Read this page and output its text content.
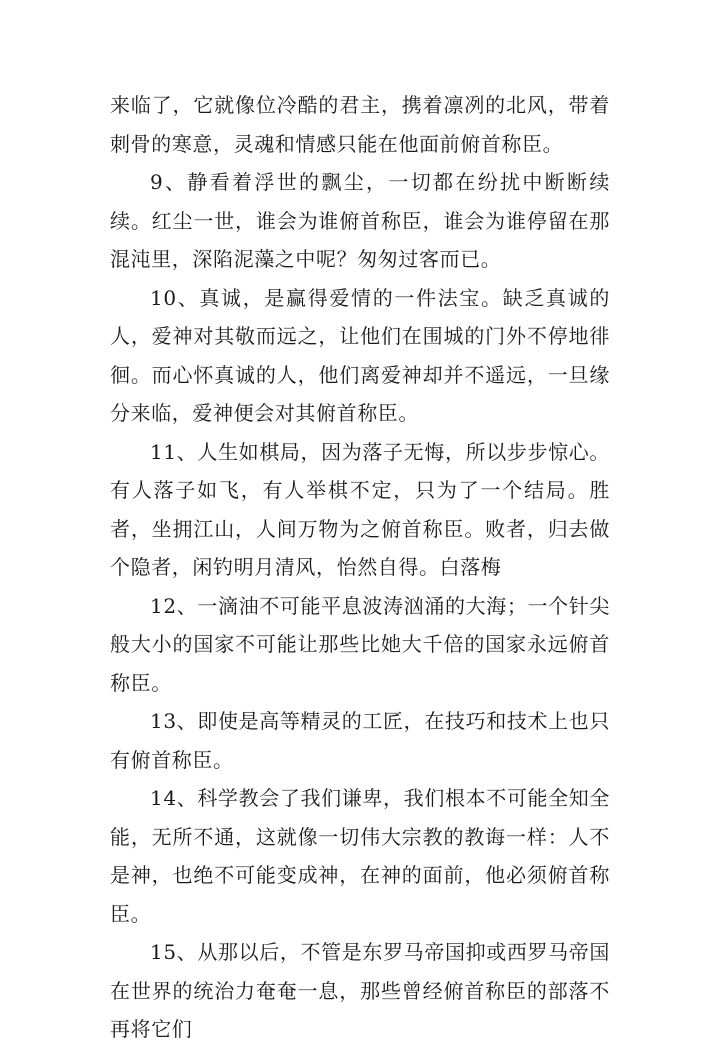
来临了，它就像位冷酷的君主，携着凛冽的北风，带着刺骨的寒意，灵魂和情感只能在他面前俯首称臣。

9、静看着浮世的飘尘，一切都在纷扰中断断续续。红尘一世，谁会为谁俯首称臣，谁会为谁停留在那混沌里，深陷泥藻之中呢？匆匆过客而已。

10、真诚，是赢得爱情的一件法宝。缺乏真诚的人，爱神对其敬而远之，让他们在围城的门外不停地徘徊。而心怀真诚的人，他们离爱神却并不遥远，一旦缘分来临，爱神便会对其俯首称臣。

11、人生如棋局，因为落子无悔，所以步步惊心。有人落子如飞，有人举棋不定，只为了一个结局。胜者，坐拥江山，人间万物为之俯首称臣。败者，归去做个隐者，闲钓明月清风，怡然自得。白落梅

12、一滴油不可能平息波涛汹涌的大海；一个针尖般大小的国家不可能让那些比她大千倍的国家永远俯首称臣。

13、即使是高等精灵的工匠，在技巧和技术上也只有俯首称臣。

14、科学教会了我们谦卑，我们根本不可能全知全能，无所不通，这就像一切伟大宗教的教诲一样：人不是神，也绝不可能变成神，在神的面前，他必须俯首称臣。

15、从那以后，不管是东罗马帝国抑或西罗马帝国在世界的统治力奄奄一息，那些曾经俯首称臣的部落不再将它们
